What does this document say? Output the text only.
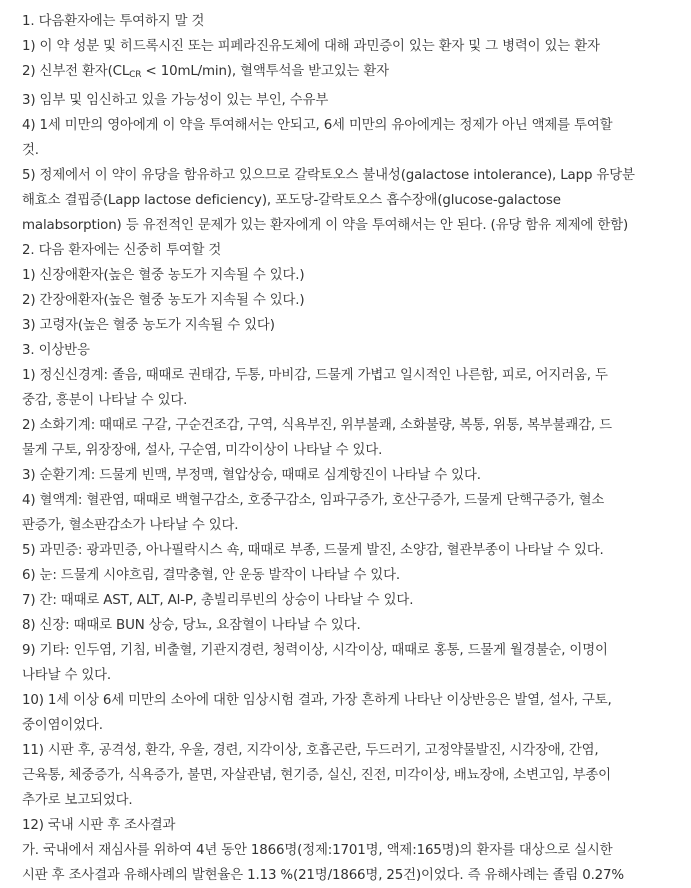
1. 다음환자에는 투여하지 말 것
1) 이 약 성분 및 히드록시진 또는 피페라진유도체에 대해 과민증이 있는 환자 및 그 병력이 있는 환자
2) 신부전 환자$(CL_{CR} < 10mL/\min)$, 혈액투석을 받고있는 환자
3) 임부 및 임신하고 있을 가능성이 있는 부인, 수유부
4) 1세 미만의 영아에게 이 약을 투여해서는 안되고, 6세 미만의 유아에게는 정제가 아닌 액제를 투여할
것.
5) 정제에서 이 약이 유당을 함유하고 있으므로 갈락토오스 불내성(galactose intolerance), Lapp 유당분
해효소 결핍증(Lapp lactose deficiency), 포도당-갈락토오스 흡수장애(glucose-galactose
malabsorption) 등 유전적인 문제가 있는 환자에게 이 약을 투여해서는 안 된다. (유당 함유 제제에 한함)
2. 다음 환자에는 신중히 투여할 것
1) 신장애환자(높은 혈중 농도가 지속될 수 있다.)
2) 간장애환자(높은 혈중 농도가 지속될 수 있다.)
3) 고령자(높은 혈중 농도가 지속될 수 있다)
3. 이상반응
1) 정신신경계: 졸음, 때때로 권태감, 두통, 마비감, 드물게 가볍고 일시적인 나른함, 피로, 어지러움, 두
중감, 흥분이 나타날 수 있다.
2) 소화기계: 때때로 구갈, 구순건조감, 구역, 식욕부진, 위부불쾌, 소화불량, 복통, 위통, 복부불쾌감, 드
물게 구토, 위장장애, 설사, 구순염, 미각이상이 나타날 수 있다.
3) 순환기계: 드물게 빈맥, 부정맥, 혈압상승, 때때로 심계항진이 나타날 수 있다.
4) 혈액계: 혈관염, 때때로 백혈구감소, 호중구감소, 임파구증가, 호산구증가, 드물게 단핵구증가, 혈소
판증가, 혈소판감소가 나타날 수 있다.
5) 과민증: 광과민증, 아나필락시스 쇽, 때때로 부종, 드물게 발진, 소양감, 혈관부종이 나타날 수 있다.
6) 눈: 드물게 시야흐림, 결막충혈, 안 운동 발작이 나타날 수 있다.
7) 간: 때때로 AST, ALT, Al-P, 총빌리루빈의 상승이 나타날 수 있다.
8) 신장: 때때로 BUN 상승, 당뇨, 요잠혈이 나타날 수 있다.
9) 기타: 인두염, 기침, 비출혈, 기관지경련, 청력이상, 시각이상, 때때로 홍통, 드물게 월경불순, 이명이
나타날 수 있다.
10) 1세 이상 6세 미만의 소아에 대한 임상시험 결과, 가장 흔하게 나타난 이상반응은 발열, 설사, 구토,
중이염이었다.
11) 시판 후, 공격성, 환각, 우울, 경련, 지각이상, 호흡곤란, 두드러기, 고정약물발진, 시각장애, 간염,
근육통, 체중증가, 식욕증가, 불면, 자살관념, 현기증, 실신, 진전, 미각이상, 배뇨장애, 소변고임, 부종이
추가로 보고되었다.
12) 국내 시판 후 조사결과
가. 국내에서 재심사를 위하여 4년 동안 1866명(정제:1701명, 액제:165명)의 환자를 대상으로 실시한
시판 후 조사결과 유해사례의 발현율은 1.13 %(21명/1866명, 25건)이었다. 즉 유해사례는 졸림 0.27%
